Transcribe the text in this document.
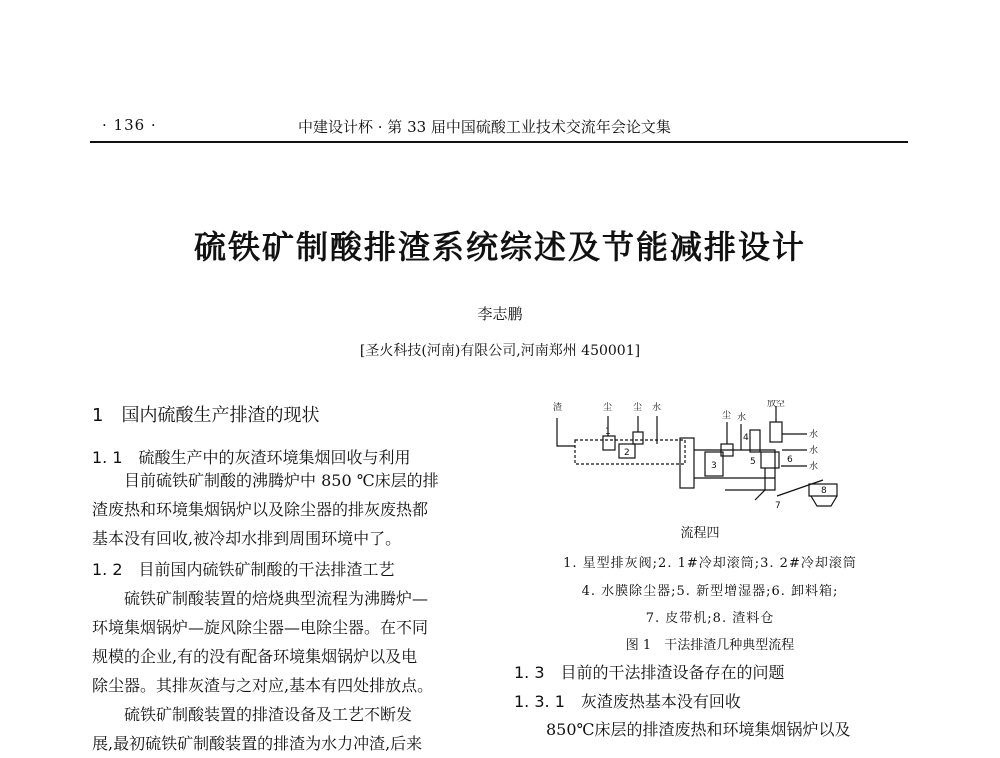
· 136 ·	中建设计杯 · 第 33 届中国硫酸工业技术交流年会论文集
硫铁矿制酸排渣系统综述及节能减排设计
李志鹏
[圣火科技(河南)有限公司,河南郑州 450001]
1　国内硫酸生产排渣的现状
1. 1　硫酸生产中的灰渣环境集烟回收与利用
　　目前硫铁矿制酸的沸腾炉中 850 ℃床层的排
渣废热和环境集烟锅炉以及除尘器的排灰废热都
基本没有回收,被冷却水排到周围环境中了。
1. 2　目前国内硫铁矿制酸的干法排渣工艺
　　硫铁矿制酸装置的焙烧典型流程为沸腾炉—
环境集烟锅炉—旋风除尘器—电除尘器。在不同
规模的企业,有的没有配备环境集烟锅炉以及电
除尘器。其排灰渣与之对应,基本有四处排放点。
　　硫铁矿制酸装置的排渣设备及工艺不断发
展,最初硫铁矿制酸装置的排渣为水力冲渣,后来
渣	尘 尘 水
尘 水
放空
水
水
水
1
2
3
4
5	6
7
8
流程四
1. 星型排灰阀;2. 1#冷却滚筒;3. 2#冷却滚筒
4. 水膜除尘器;5. 新型增湿器;6. 卸料箱;
7. 皮带机;8. 渣料仓
图 1　干法排渣几种典型流程
1. 3　目前的干法排渣设备存在的问题
1. 3. 1　灰渣废热基本没有回收
　　850℃床层的排渣废热和环境集烟锅炉以及
